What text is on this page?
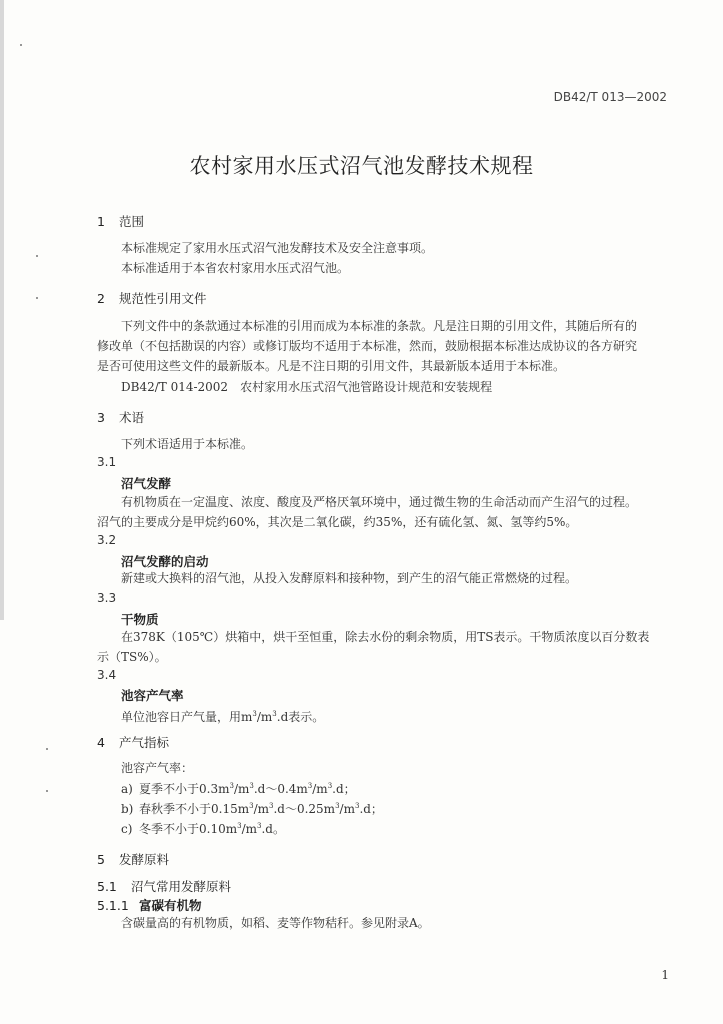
DB42/T 013—2002
农村家用水压式沼气池发酵技术规程
1 范围
本标准规定了家用水压式沼气池发酵技术及安全注意事项。
本标准适用于本省农村家用水压式沼气池。
2 规范性引用文件
下列文件中的条款通过本标准的引用而成为本标准的条款。凡是注日期的引用文件，其随后所有的
修改单（不包括勘误的内容）或修订版均不适用于本标准，然而，鼓励根据本标准达成协议的各方研究
是否可使用这些文件的最新版本。凡是不注日期的引用文件，其最新版本适用于本标准。
DB42/T 014-2002　农村家用水压式沼气池管路设计规范和安装规程
3 术语
下列术语适用于本标准。
3.1
沼气发酵
有机物质在一定温度、浓度、酸度及严格厌氧环境中，通过微生物的生命活动而产生沼气的过程。
沼气的主要成分是甲烷约60%，其次是二氧化碳，约35%，还有硫化氢、氮、氢等约5%。
3.2
沼气发酵的启动
新建或大换料的沼气池，从投入发酵原料和接种物，到产生的沼气能正常燃烧的过程。
3.3
干物质
在378K（105℃）烘箱中，烘干至恒重，除去水份的剩余物质，用TS表示。干物质浓度以百分数表
示（TS%）。
3.4
池容产气率
单位池容日产气量，用$m^3/m^3.d$表示。
4 产气指标
池容产气率：
a) 夏季不小于$0.3m^3/m^3.d\sim 0.4m^3/m^3.d$；
b) 春秋季不小于$0.15m^3/m^3.d\sim 0.25m^3/m^3.d$；
c) 冬季不小于$0.10m^3/m^3.d$。
5 发酵原料
5.1 沼气常用发酵原料
5.1.1 富碳有机物
含碳量高的有机物质，如稻、麦等作物秸秆。参见附录A。
1
